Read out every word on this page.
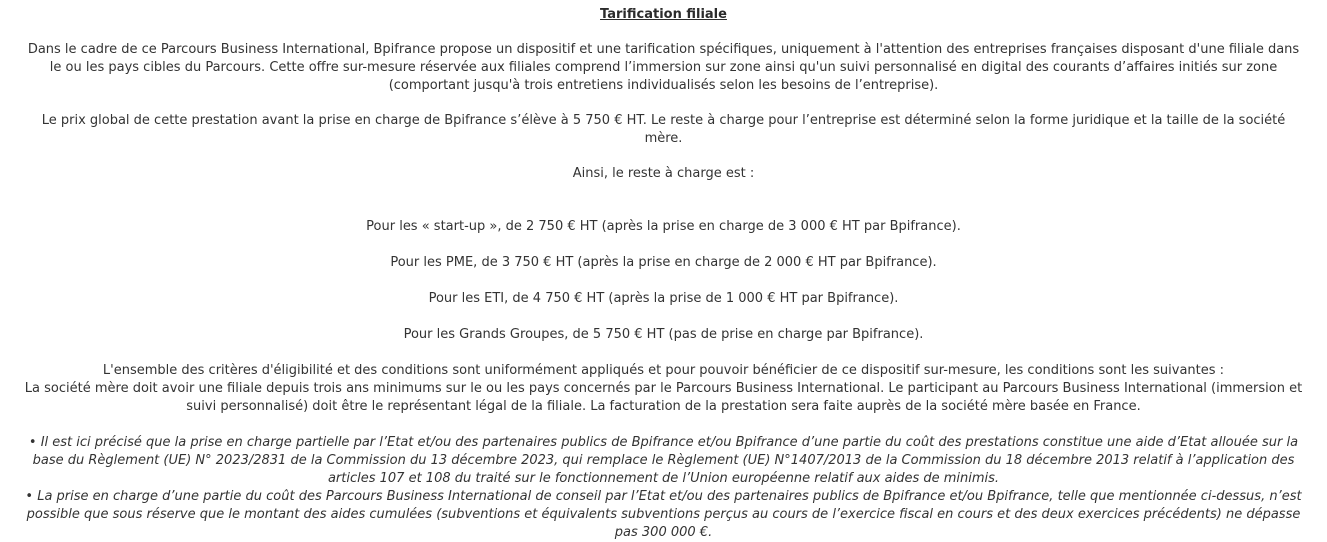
Tarification filiale

Dans le cadre de ce Parcours Business International, Bpifrance propose un dispositif et une tarification spécifiques, uniquement à l'attention des entreprises françaises disposant d'une filiale dans le ou les pays cibles du Parcours. Cette offre sur-mesure réservée aux filiales comprend l’immersion sur zone ainsi qu'un suivi personnalisé en digital des courants d’affaires initiés sur zone (comportant jusqu'à trois entretiens individualisés selon les besoins de l’entreprise).

Le prix global de cette prestation avant la prise en charge de Bpifrance s’élève à 5 750 € HT. Le reste à charge pour l’entreprise est déterminé selon la forme juridique et la taille de la société mère.

Ainsi, le reste à charge est :

Pour les « start-up », de 2 750 € HT (après la prise en charge de 3 000 € HT par Bpifrance).

Pour les PME, de 3 750 € HT (après la prise en charge de 2 000 € HT par Bpifrance).

Pour les ETI, de 4 750 € HT (après la prise de 1 000 € HT par Bpifrance).

Pour les Grands Groupes, de 5 750 € HT (pas de prise en charge par Bpifrance).

L'ensemble des critères d'éligibilité et des conditions sont uniformément appliqués et pour pouvoir bénéficier de ce dispositif sur-mesure, les conditions sont les suivantes :

La société mère doit avoir une filiale depuis trois ans minimums sur le ou les pays concernés par le Parcours Business International. Le participant au Parcours Business International (immersion et suivi personnalisé) doit être le représentant légal de la filiale. La facturation de la prestation sera faite auprès de la société mère basée en France.

• Il est ici précisé que la prise en charge partielle par l’Etat et/ou des partenaires publics de Bpifrance et/ou Bpifrance d’une partie du coût des prestations constitue une aide d’Etat allouée sur la base du Règlement (UE) N° 2023/2831 de la Commission du 13 décembre 2023, qui remplace le Règlement (UE) N°1407/2013 de la Commission du 18 décembre 2013 relatif à l’application des articles 107 et 108 du traité sur le fonctionnement de l’Union européenne relatif aux aides de minimis.

• La prise en charge d’une partie du coût des Parcours Business International de conseil par l’Etat et/ou des partenaires publics de Bpifrance et/ou Bpifrance, telle que mentionnée ci-dessus, n’est possible que sous réserve que le montant des aides cumulées (subventions et équivalents subventions perçus au cours de l’exercice fiscal en cours et des deux exercices précédents) ne dépasse pas 300 000 €.
